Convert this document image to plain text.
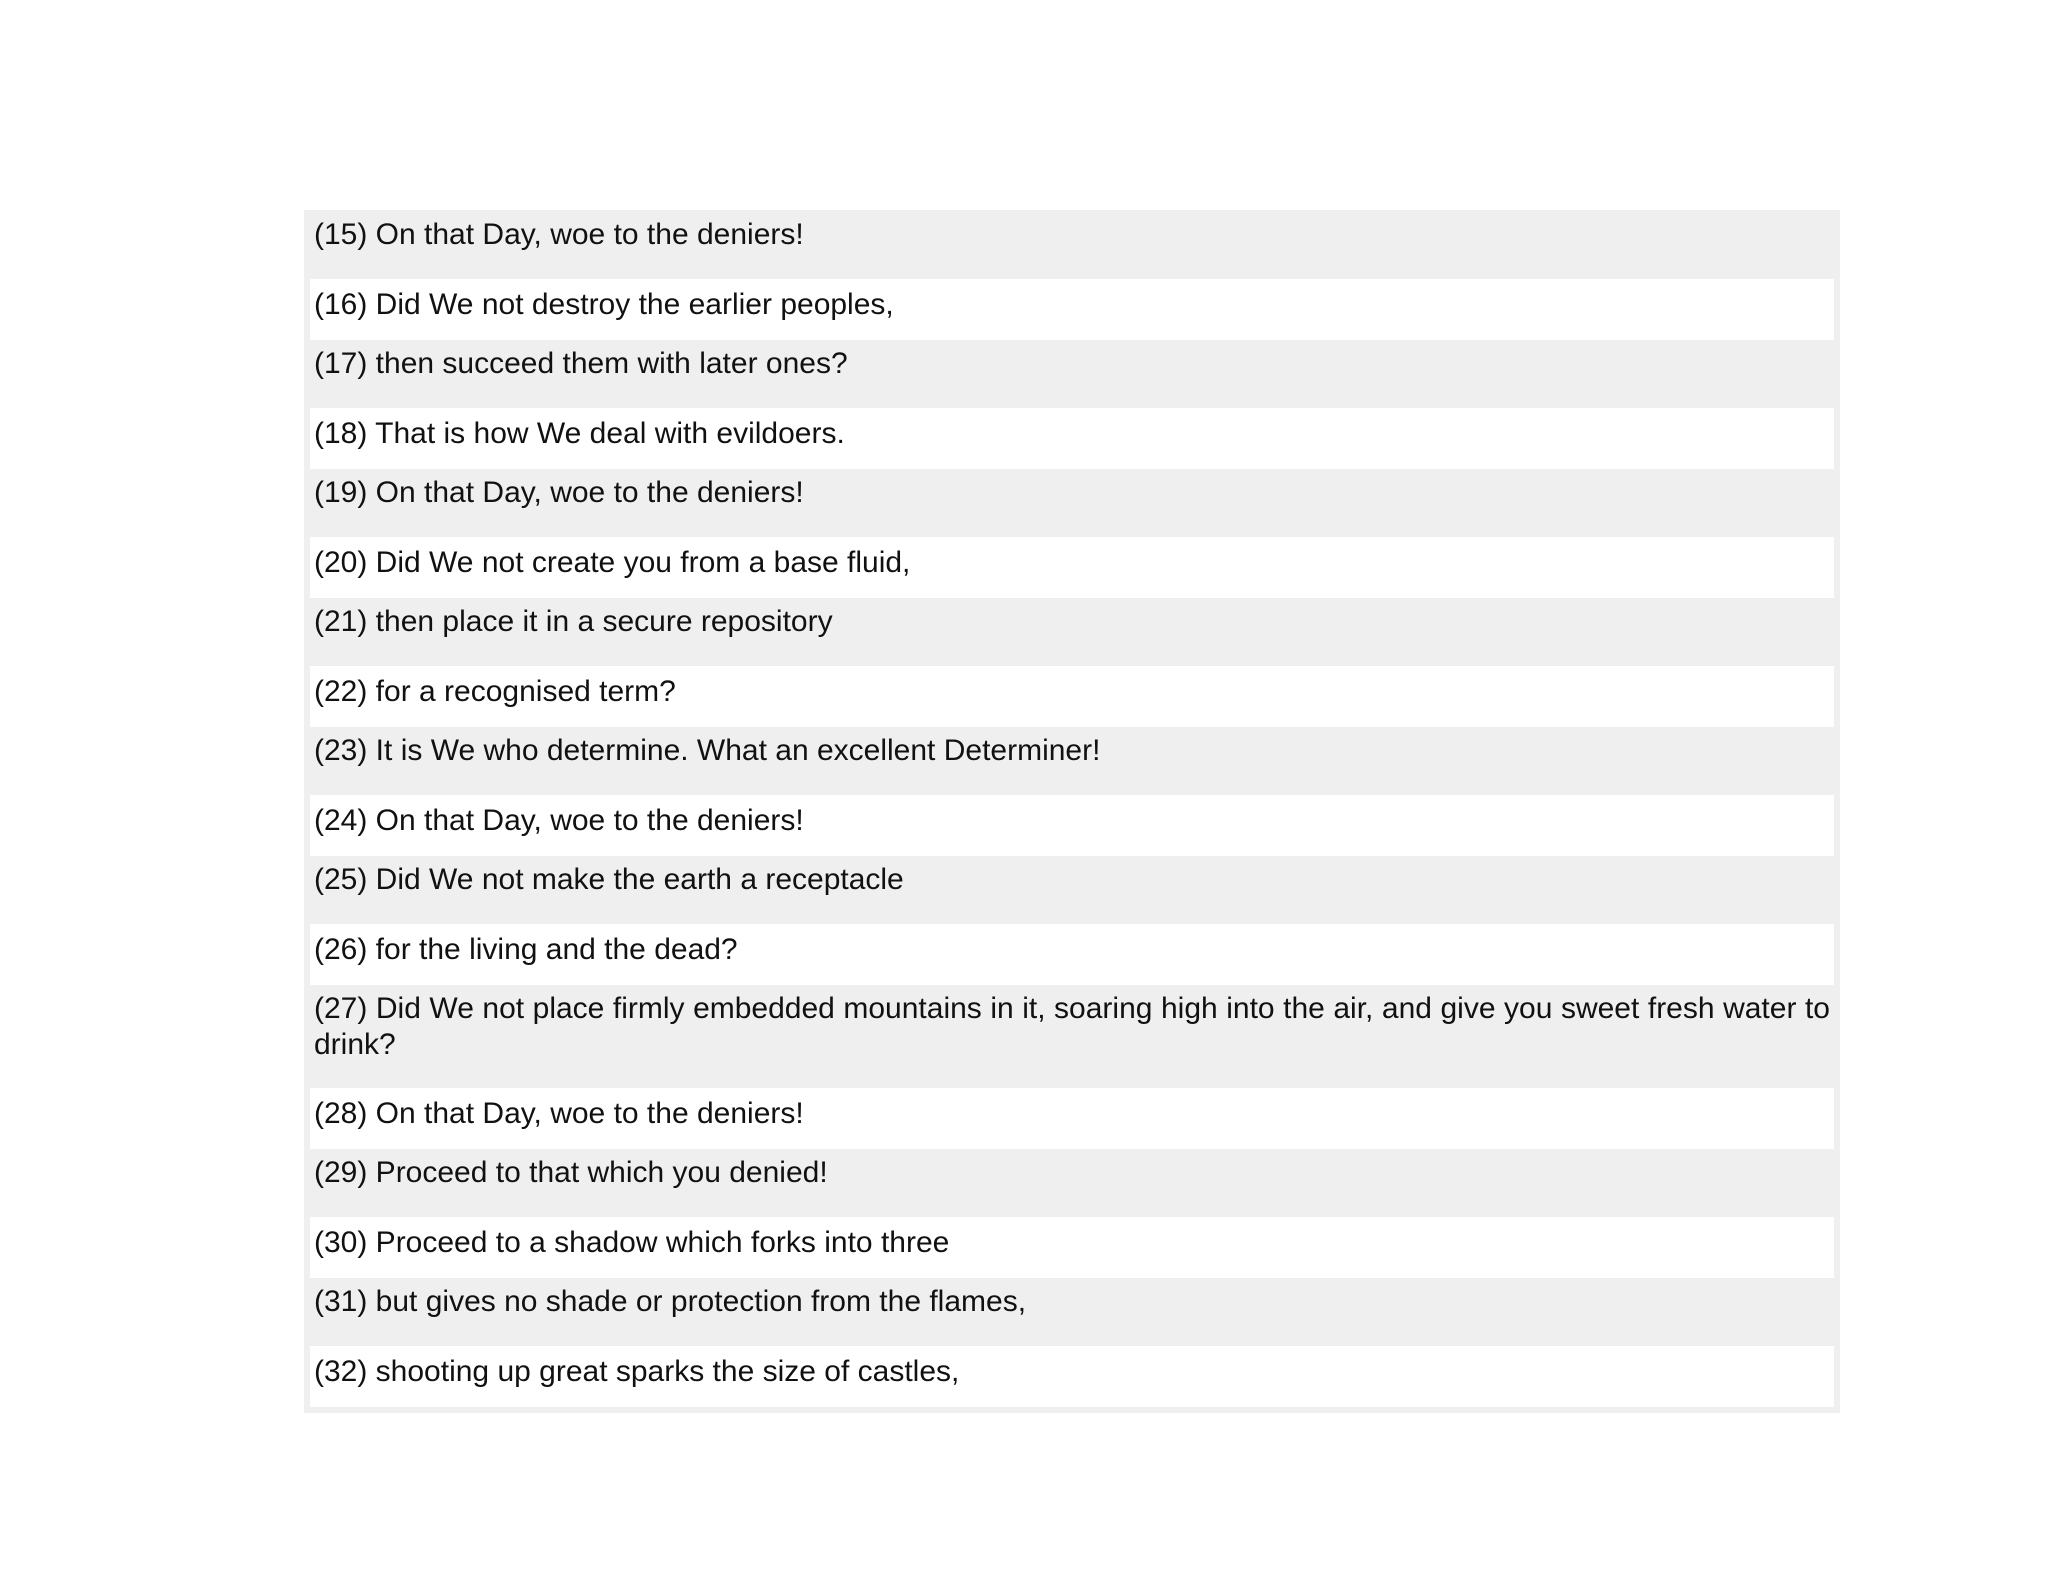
(15) On that Day, woe to the deniers!
(16) Did We not destroy the earlier peoples,
(17) then succeed them with later ones?
(18) That is how We deal with evildoers.
(19) On that Day, woe to the deniers!
(20) Did We not create you from a base fluid,
(21) then place it in a secure repository
(22) for a recognised term?
(23) It is We who determine. What an excellent Determiner!
(24) On that Day, woe to the deniers!
(25) Did We not make the earth a receptacle
(26) for the living and the dead?
(27) Did We not place firmly embedded mountains in it, soaring high into the air, and give you sweet fresh water to drink?
(28) On that Day, woe to the deniers!
(29) Proceed to that which you denied!
(30) Proceed to a shadow which forks into three
(31) but gives no shade or protection from the flames,
(32) shooting up great sparks the size of castles,
